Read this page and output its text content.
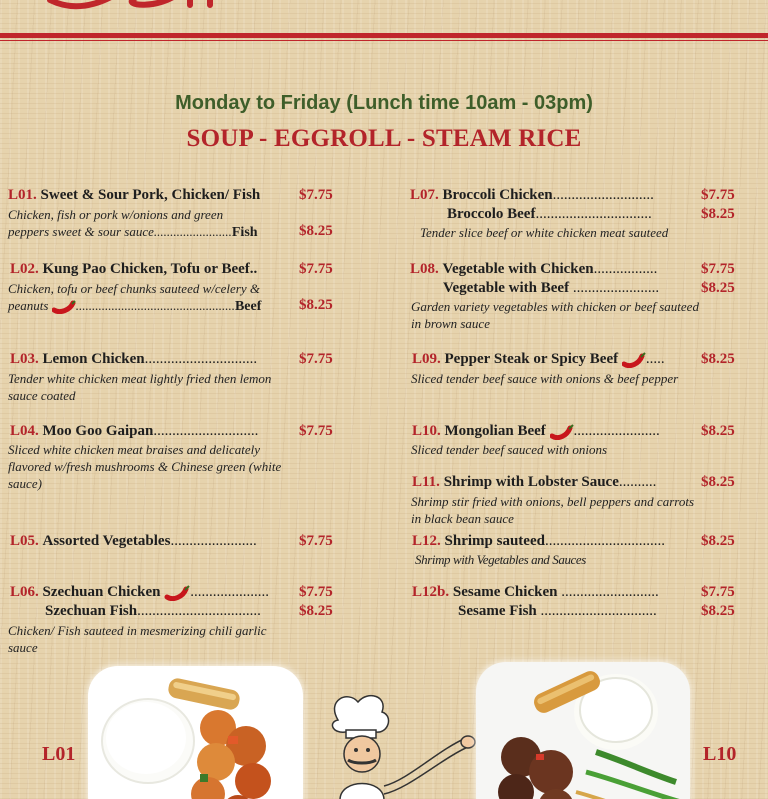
Monday to Friday (Lunch time 10am - 03pm)
SOUP - EGGROLL - STEAM RICE
L01. Sweet & Sour Pork, Chicken/ Fish	$7.75
Chicken, fish or pork w/onions and green
peppers sweet & sour sauce........................Fish	$8.25
L02. Kung Pao Chicken, Tofu or Beef..	$7.75
Chicken, tofu or beef chunks sauteed w/celery &
peanuts .................................................Beef	$8.25
L03. Lemon Chicken..............................	$7.75
Tender white chicken meat lightly fried then lemon sauce coated
L04. Moo Goo Gaipan............................	$7.75
Sliced white chicken meat braises and delicately flavored w/fresh mushrooms & Chinese green (white sauce)
L05. Assorted Vegetables.......................	$7.75
L06. Szechuan Chicken ..................... $7.75
Szechuan Fish.................................	$8.25
Chicken/ Fish sauteed in mesmerizing chili garlic sauce
L07. Broccoli Chicken...........................	$7.75
Broccolo Beef...............................	$8.25
Tender slice beef or white chicken meat sauteed
L08. Vegetable with Chicken.................	$7.75
Vegetable with Beef .......................	$8.25
Garden variety vegetables with chicken or beef sauteed in brown sauce
L09. Pepper Steak or Spicy Beef ..... $8.25
Sliced tender beef sauce with onions & beef pepper
L10. Mongolian Beef .......................	$8.25
Sliced tender beef sauced with onions
L11. Shrimp with Lobster Sauce..........	$8.25
Shrimp stir fried with onions, bell peppers and carrots in black bean sauce
L12. Shrimp sauteed................................ $8.25
Shrimp with Vegetables and Sauces
L12b. Sesame Chicken ..........................	$7.75
Sesame Fish ...............................	$8.25
L01	L10
